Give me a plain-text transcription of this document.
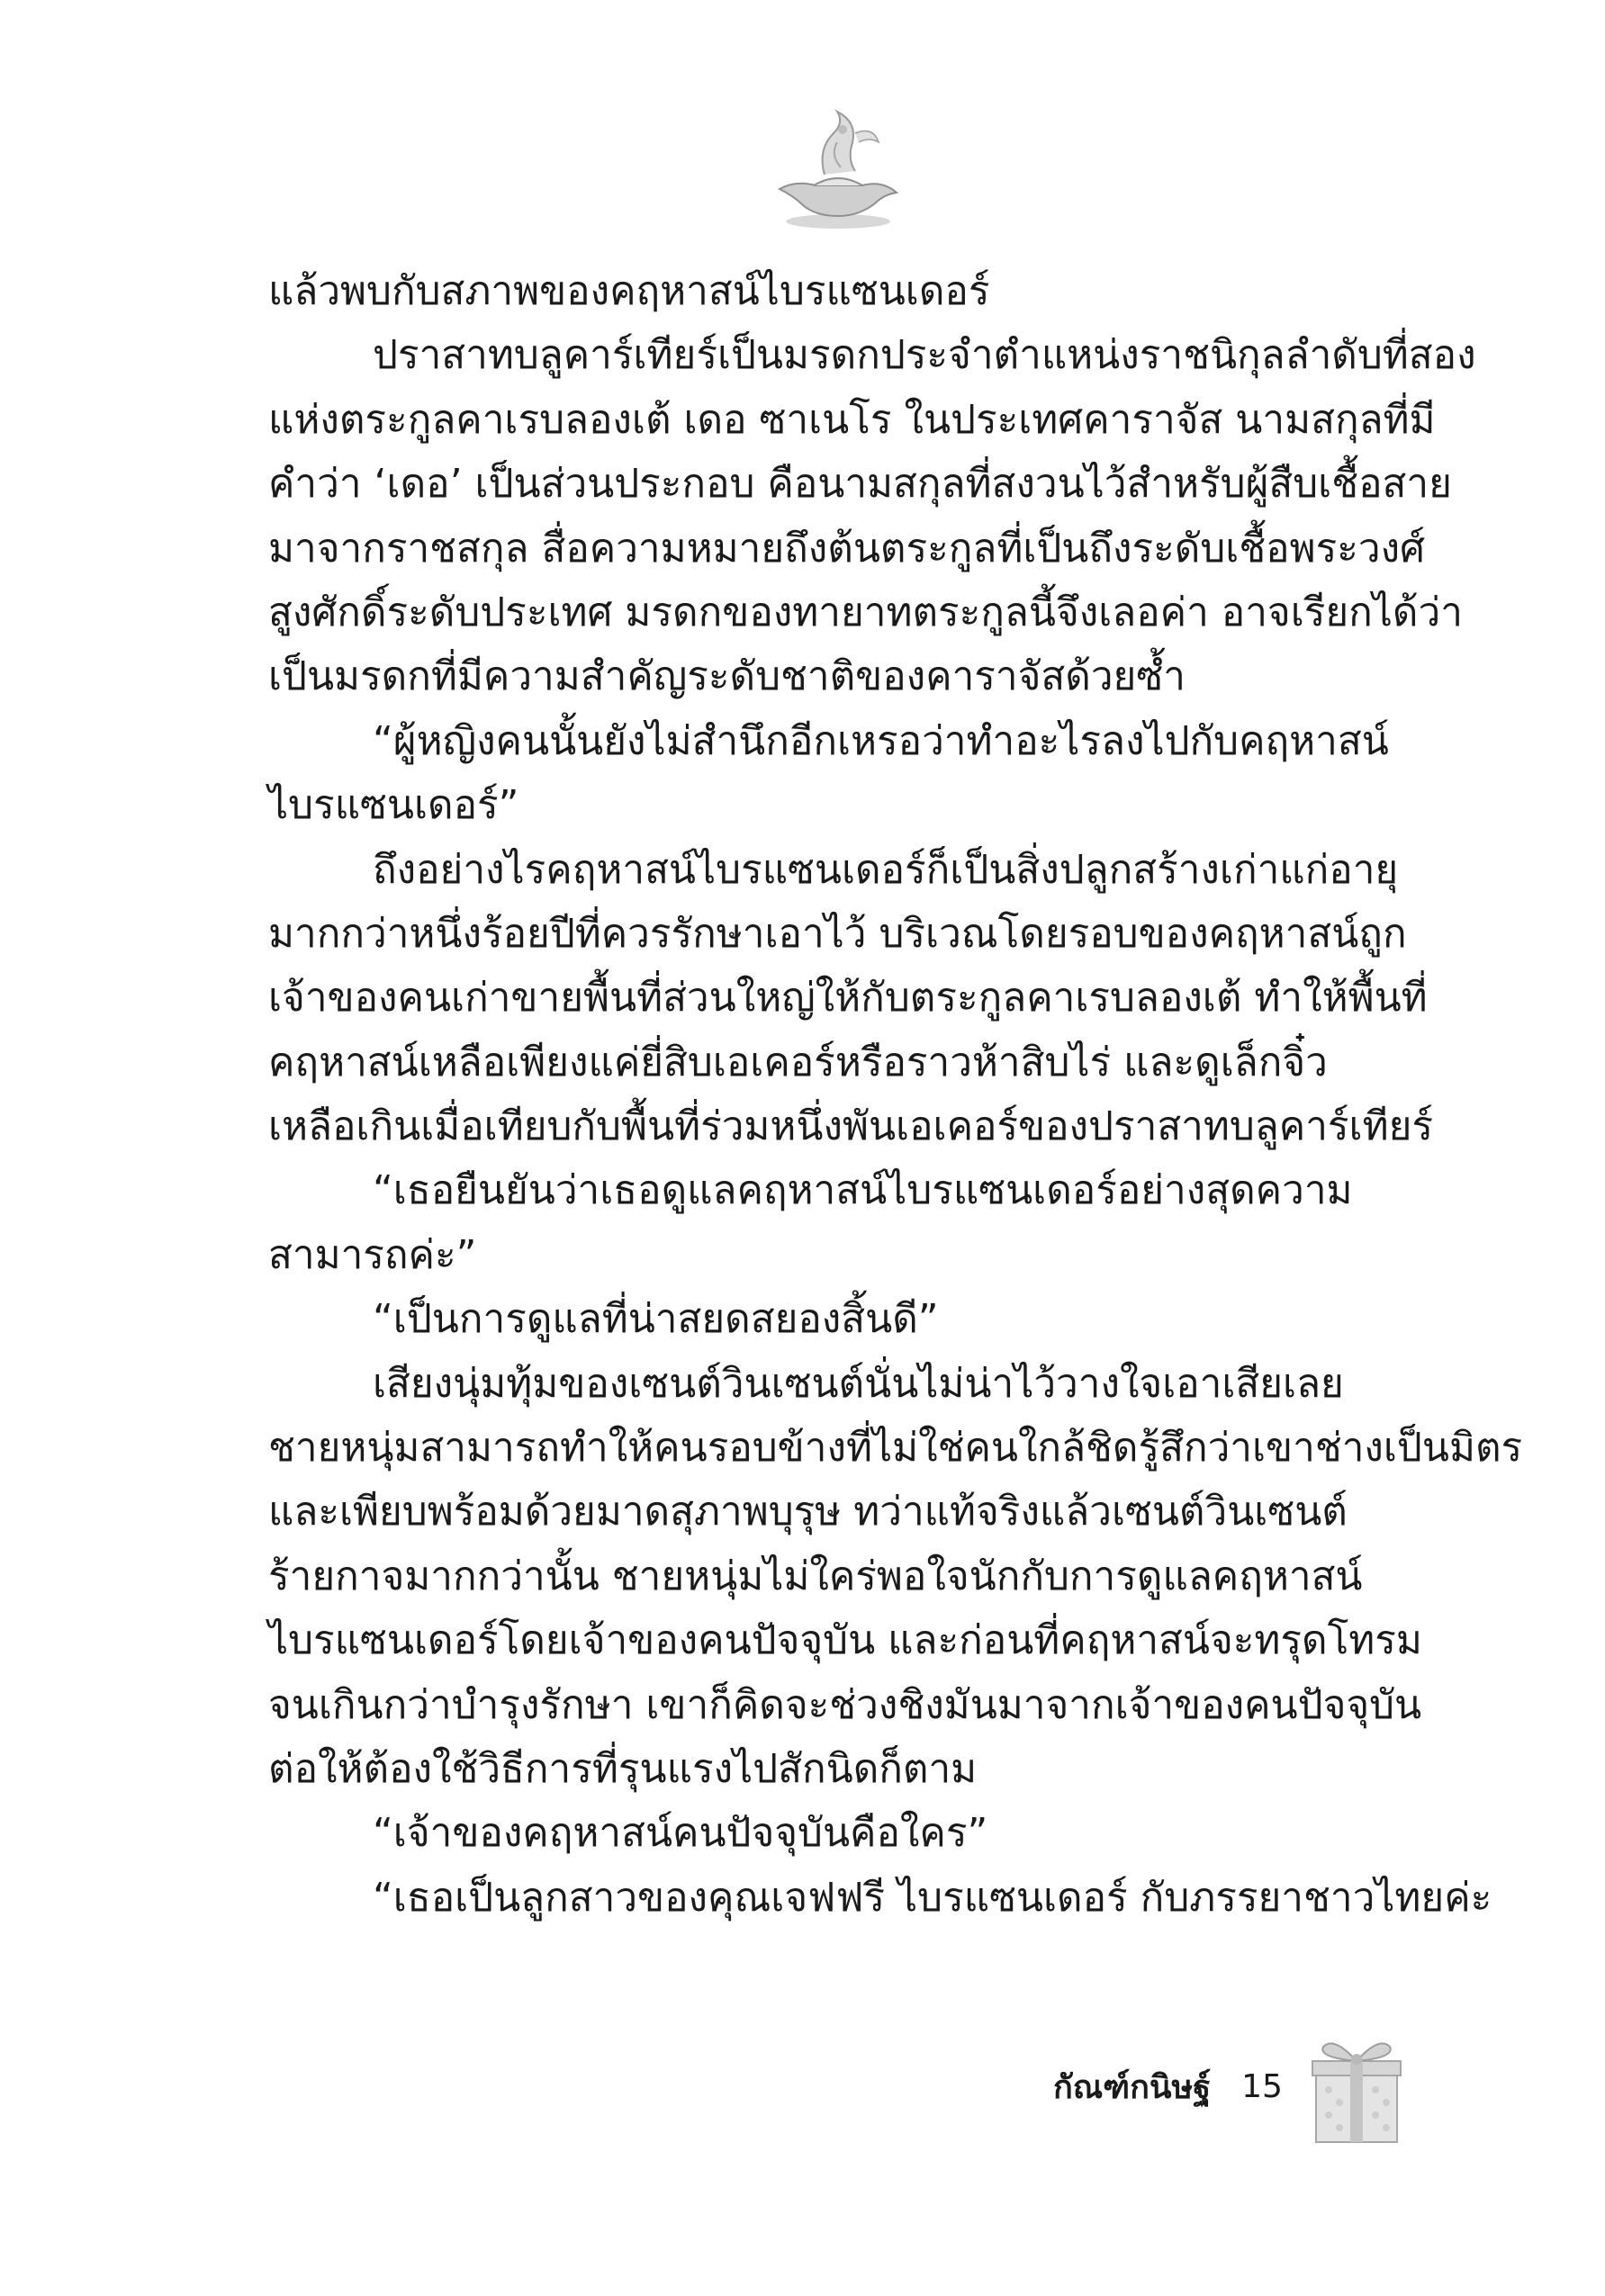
แล้วพบกับสภาพของคฤหาสน์ไบรแซนเดอร์
ปราสาทบลูคาร์เทียร์เป็นมรดกประจำตำแหน่งราชนิกุลลำดับที่สอง
แห่งตระกูลคาเรบลองเต้ เดอ ซาเนโร ในประเทศคาราจัส นามสกุลที่มี
คำว่า ‘เดอ’ เป็นส่วนประกอบ คือนามสกุลที่สงวนไว้สำหรับผู้สืบเชื้อสาย
มาจากราชสกุล สื่อความหมายถึงต้นตระกูลที่เป็นถึงระดับเชื้อพระวงศ์
สูงศักดิ์ระดับประเทศ มรดกของทายาทตระกูลนี้จึงเลอค่า อาจเรียกได้ว่า
เป็นมรดกที่มีความสำคัญระดับชาติของคาราจัสด้วยซ้ำ
“ผู้หญิงคนนั้นยังไม่สำนึกอีกเหรอว่าทำอะไรลงไปกับคฤหาสน์
ไบรแซนเดอร์”
ถึงอย่างไรคฤหาสน์ไบรแซนเดอร์ก็เป็นสิ่งปลูกสร้างเก่าแก่อายุ
มากกว่าหนึ่งร้อยปีที่ควรรักษาเอาไว้ บริเวณโดยรอบของคฤหาสน์ถูก
เจ้าของคนเก่าขายพื้นที่ส่วนใหญ่ให้กับตระกูลคาเรบลองเต้ ทำให้พื้นที่
คฤหาสน์เหลือเพียงแค่ยี่สิบเอเคอร์หรือราวห้าสิบไร่ และดูเล็กจิ๋ว
เหลือเกินเมื่อเทียบกับพื้นที่ร่วมหนึ่งพันเอเคอร์ของปราสาทบลูคาร์เทียร์
“เธอยืนยันว่าเธอดูแลคฤหาสน์ไบรแซนเดอร์อย่างสุดความ
สามารถค่ะ”
“เป็นการดูแลที่น่าสยดสยองสิ้นดี”
เสียงนุ่มทุ้มของเซนต์วินเซนต์นั่นไม่น่าไว้วางใจเอาเสียเลย
ชายหนุ่มสามารถทำให้คนรอบข้างที่ไม่ใช่คนใกล้ชิดรู้สึกว่าเขาช่างเป็นมิตร
และเพียบพร้อมด้วยมาดสุภาพบุรุษ ทว่าแท้จริงแล้วเซนต์วินเซนต์
ร้ายกาจมากกว่านั้น ชายหนุ่มไม่ใคร่พอใจนักกับการดูแลคฤหาสน์
ไบรแซนเดอร์โดยเจ้าของคนปัจจุบัน และก่อนที่คฤหาสน์จะทรุดโทรม
จนเกินกว่าบำรุงรักษา เขาก็คิดจะช่วงชิงมันมาจากเจ้าของคนปัจจุบัน
ต่อให้ต้องใช้วิธีการที่รุนแรงไปสักนิดก็ตาม
“เจ้าของคฤหาสน์คนปัจจุบันคือใคร”
“เธอเป็นลูกสาวของคุณเจฟฟรี ไบรแซนเดอร์ กับภรรยาชาวไทยค่ะ
กัณฑ์กนิษฐ์ 15
